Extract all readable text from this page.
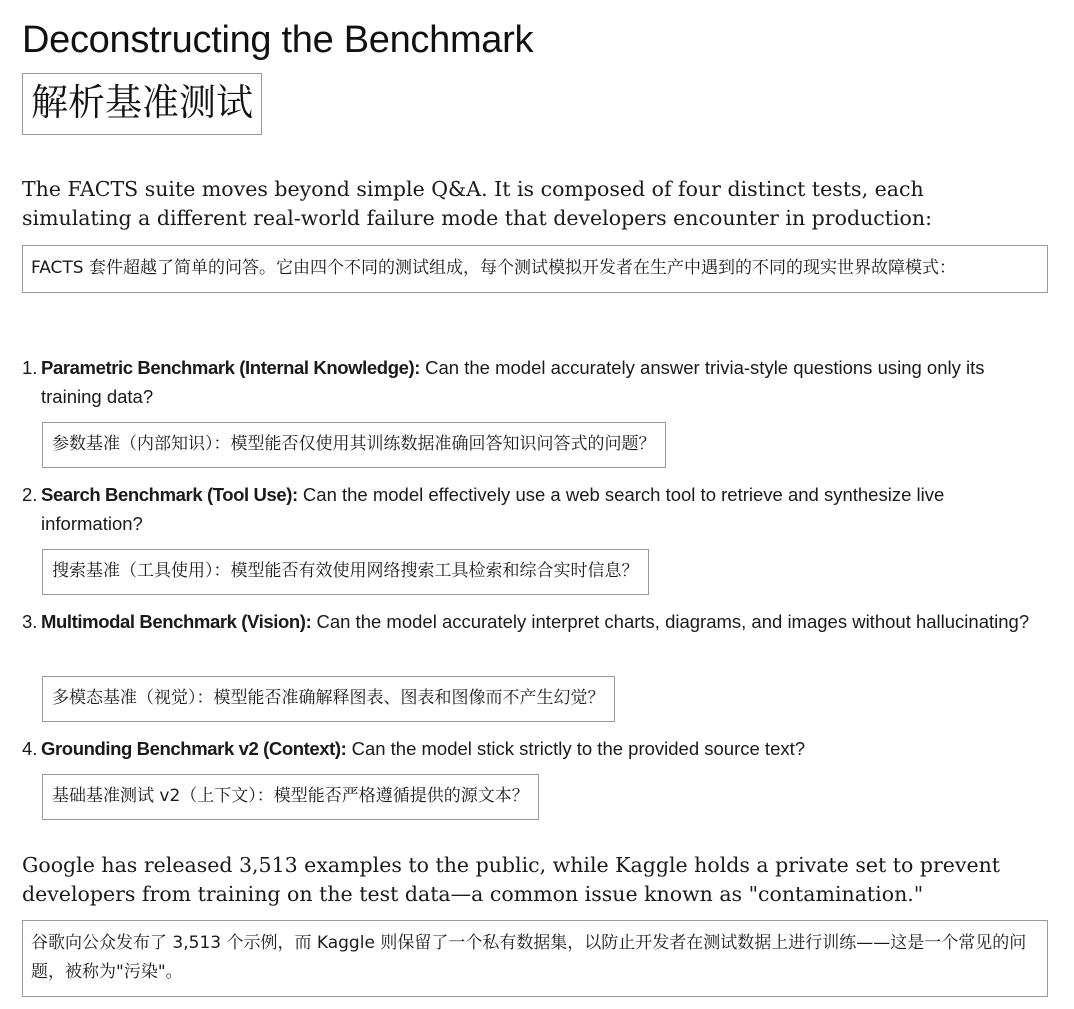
Deconstructing the Benchmark
解析基准测试

The FACTS suite moves beyond simple Q&A. It is composed of four distinct tests, each simulating a different real-world failure mode that developers encounter in production:

FACTS 套件超越了简单的问答。它由四个不同的测试组成，每个测试模拟开发者在生产中遇到的不同的现实世界故障模式：
1. Parametric Benchmark (Internal Knowledge): Can the model accurately answer trivia-style questions using only its training data?
参数基准（内部知识）：模型能否仅使用其训练数据准确回答知识问答式的问题？
2. Search Benchmark (Tool Use): Can the model effectively use a web search tool to retrieve and synthesize live information?
搜索基准（工具使用）：模型能否有效使用网络搜索工具检索和综合实时信息？
3. Multimodal Benchmark (Vision): Can the model accurately interpret charts, diagrams, and images without hallucinating?
多模态基准（视觉）：模型能否准确解释图表、图表和图像而不产生幻觉？
4. Grounding Benchmark v2 (Context): Can the model stick strictly to the provided source text?
基础基准测试 v2（上下文）：模型能否严格遵循提供的源文本？

Google has released 3,513 examples to the public, while Kaggle holds a private set to prevent developers from training on the test data—a common issue known as "contamination."

谷歌向公众发布了 3,513 个示例，而 Kaggle 则保留了一个私有数据集，以防止开发者在测试数据上进行训练——这是一个常见的问题，被称为"污染"。
